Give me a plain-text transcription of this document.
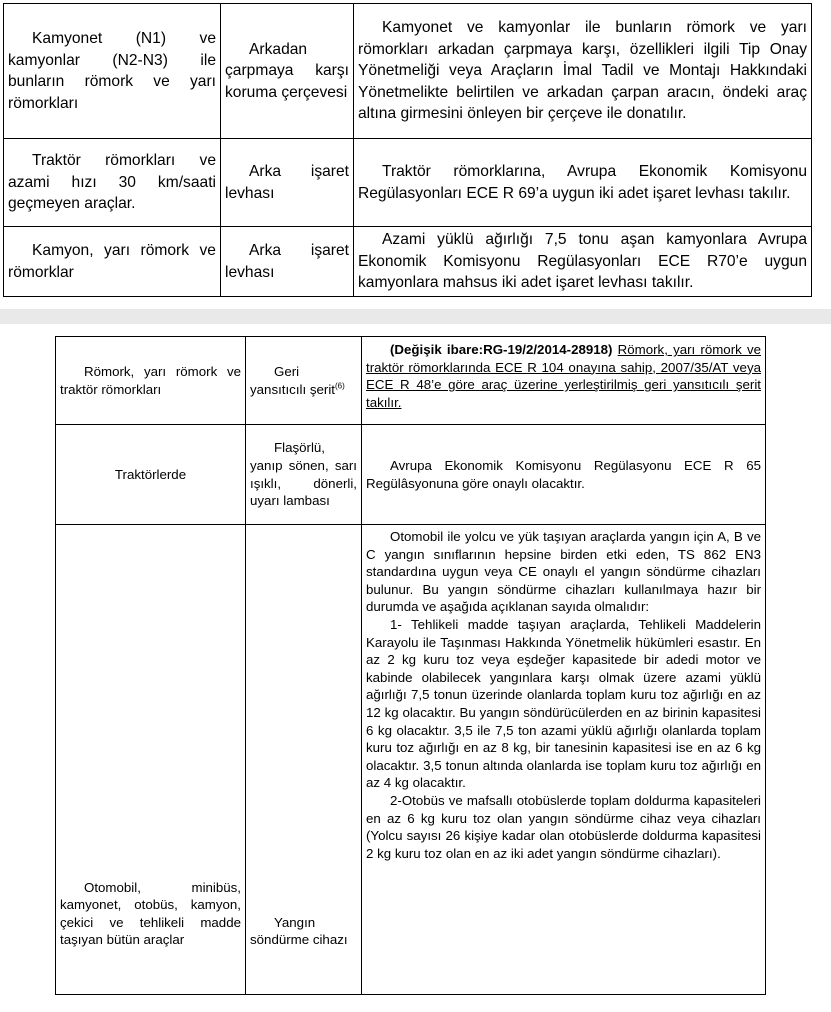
Kamyonet (N1) ve kamyonlar (N2-N3) ile bunların römork ve yarı römorkları	Arkadan çarpmaya karşı koruma çerçevesi	Kamyonet ve kamyonlar ile bunların römork ve yarı römorkları arkadan çarpmaya karşı, özellikleri ilgili Tip Onay Yönetmeliği veya Araçların İmal Tadil ve Montajı Hakkındaki Yönetmelikte belirtilen ve arkadan çarpan aracın, öndeki araç altına girmesini önleyen bir çerçeve ile donatılır.
Traktör römorkları ve azami hızı 30 km/saati geçmeyen araçlar.	Arka işaret levhası	Traktör römorklarına, Avrupa Ekonomik Komisyonu Regülasyonları ECE R 69’a uygun iki adet işaret levhası takılır.
Kamyon, yarı römork ve römorklar	Arka işaret levhası	Azami yüklü ağırlığı 7,5 tonu aşan kamyonlara Avrupa Ekonomik Komisyonu Regülasyonları ECE R70’e uygun kamyonlara mahsus iki adet işaret levhası takılır.
Römork, yarı römork ve traktör römorkları	Geri yansıtıcılı şerit$^{(6)}$	(Değişik ibare:RG-19/2/2014-28918) Römork, yarı römork ve traktör römorklarında ECE R 104 onayına sahip, 2007/35/AT veya ECE R 48’e göre araç üzerine yerleştirilmiş geri yansıtıcılı şerit takılır.
Traktörlerde	Flaşörlü, yanıp sönen, sarı ışıklı, dönerli, uyarı lambası	Avrupa Ekonomik Komisyonu Regülasyonu ECE R 65 Regülâsyonuna göre onaylı olacaktır.
Otomobil, minibüs, kamyonet, otobüs, kamyon, çekici ve tehlikeli madde taşıyan bütün araçlar	Yangın söndürme cihazı	Otomobil ile yolcu ve yük taşıyan araçlarda yangın için A, B ve C yangın sınıflarının hepsine birden etki eden, TS 862 EN3 standardına uygun veya CE onaylı el yangın söndürme cihazları bulunur. Bu yangın söndürme cihazları kullanılmaya hazır bir durumda ve aşağıda açıklanan sayıda olmalıdır:

1- Tehlikeli madde taşıyan araçlarda, Tehlikeli Maddelerin Karayolu ile Taşınması Hakkında Yönetmelik hükümleri esastır. En az 2 kg kuru toz veya eşdeğer kapasitede bir adedi motor ve kabinde olabilecek yangınlara karşı olmak üzere azami yüklü ağırlığı 7,5 tonun üzerinde olanlarda toplam kuru toz ağırlığı en az 12 kg olacaktır. Bu yangın söndürücülerden en az birinin kapasitesi 6 kg olacaktır. 3,5 ile 7,5 ton azami yüklü ağırlığı olanlarda toplam kuru toz ağırlığı en az 8 kg, bir tanesinin kapasitesi ise en az 6 kg olacaktır. 3,5 tonun altında olanlarda ise toplam kuru toz ağırlığı en az 4 kg olacaktır.

2-Otobüs ve mafsallı otobüslerde toplam doldurma kapasiteleri en az 6 kg kuru toz olan yangın söndürme cihaz veya cihazları (Yolcu sayısı 26 kişiye kadar olan otobüslerde doldurma kapasitesi 2 kg kuru toz olan en az iki adet yangın söndürme cihazları).
